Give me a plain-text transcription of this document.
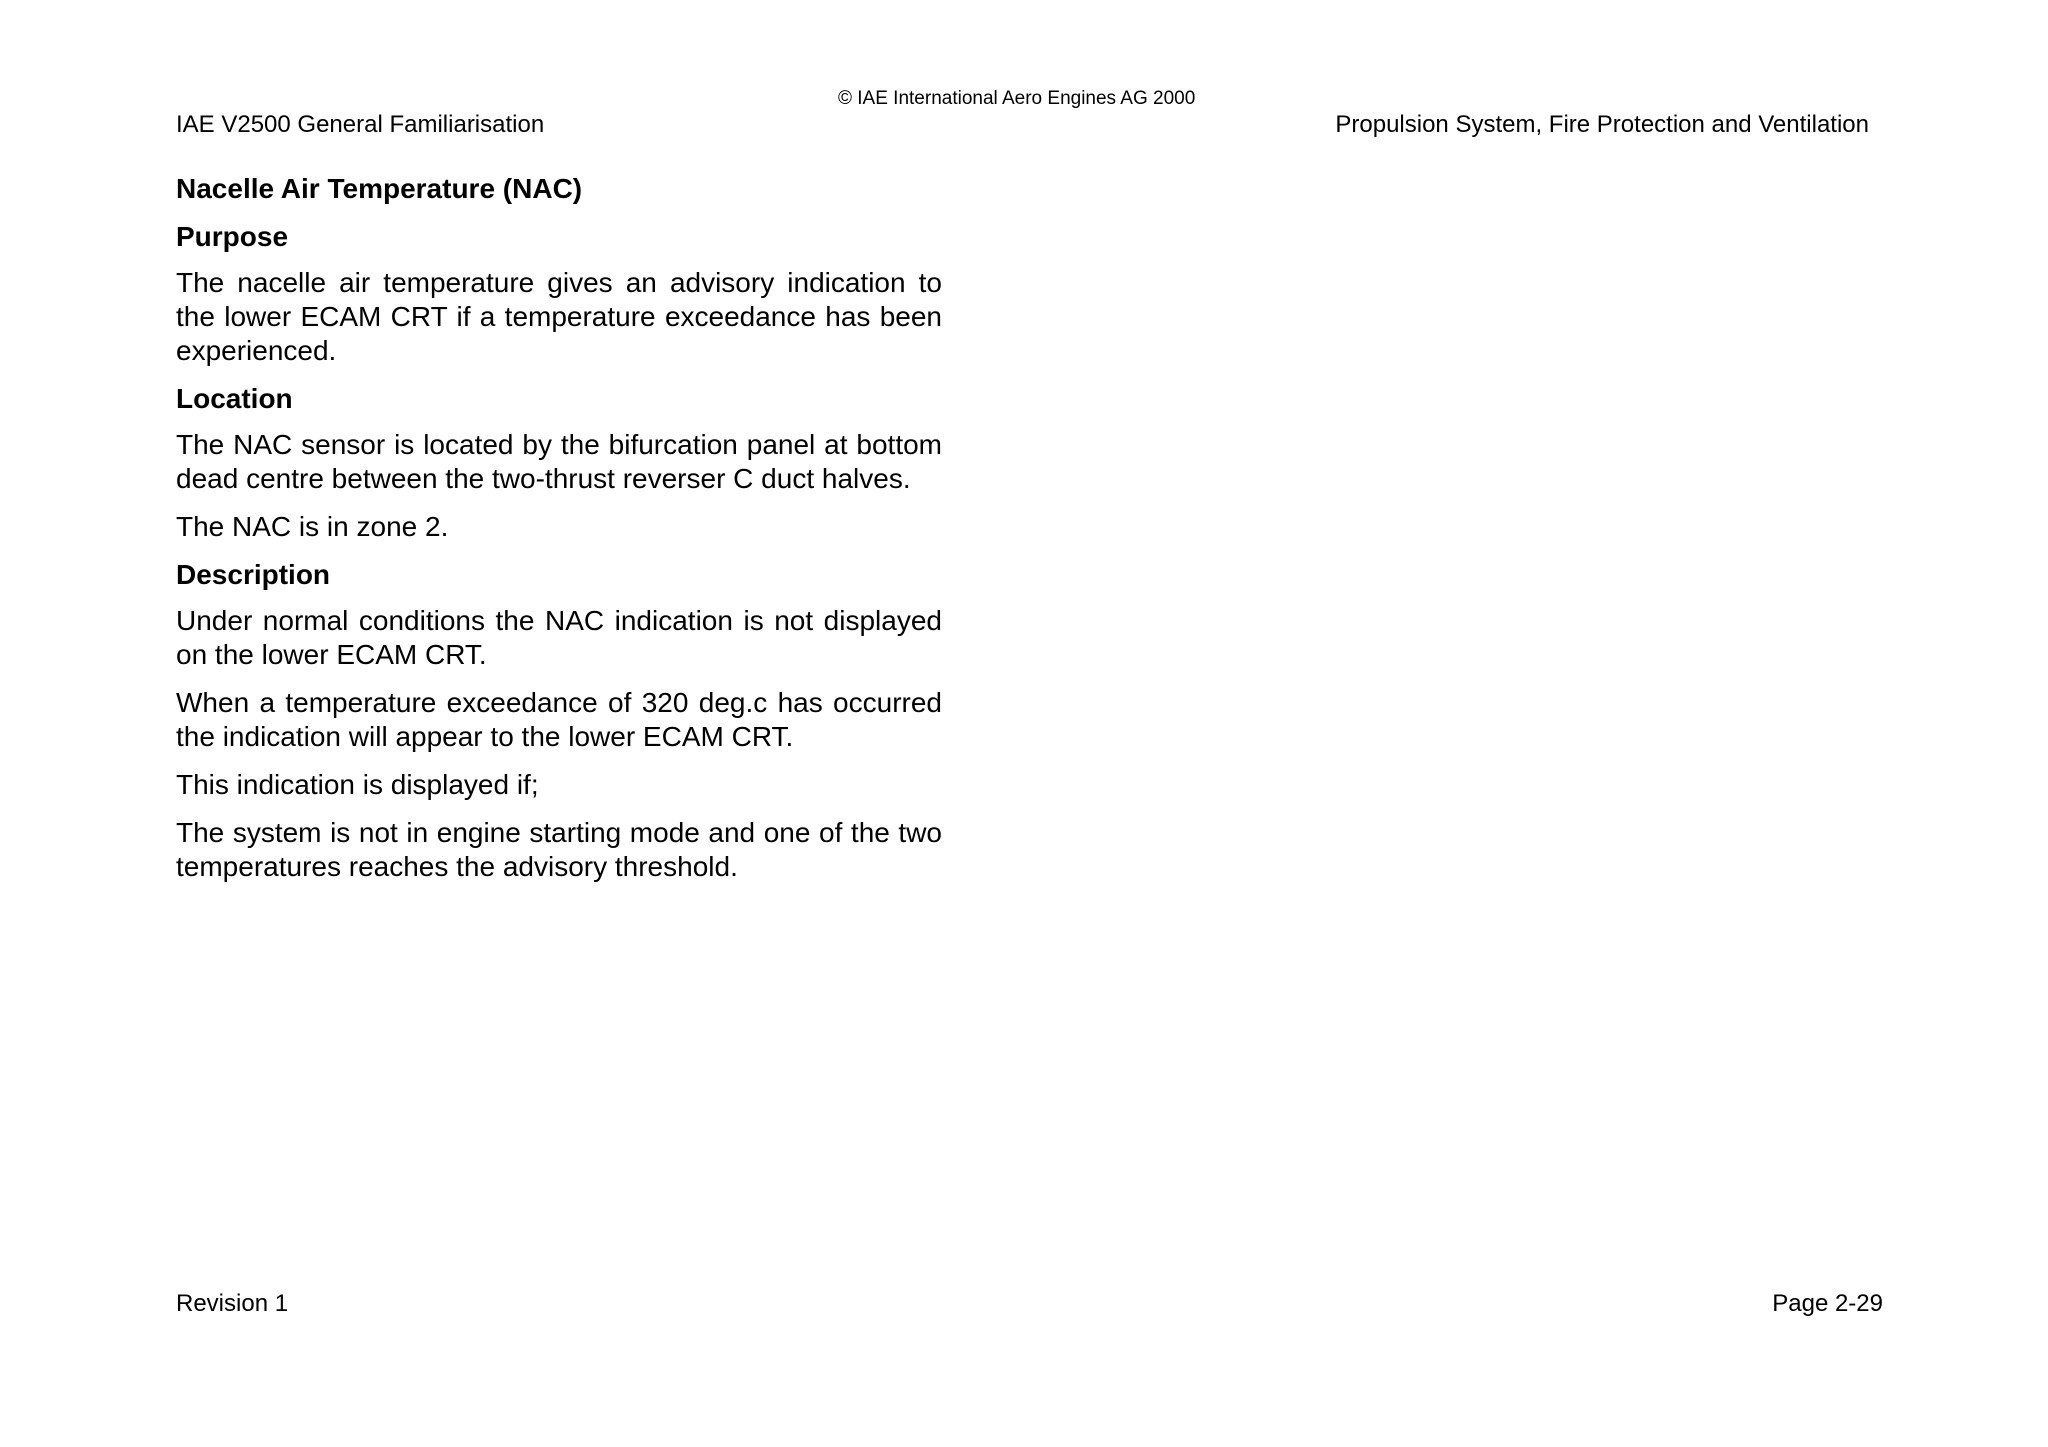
© IAE International Aero Engines AG 2000
IAE V2500 General Familiarisation	Propulsion System, Fire Protection and Ventilation
Nacelle Air Temperature (NAC)
Purpose

The nacelle air temperature gives an advisory indication to the lower ECAM CRT if a temperature exceedance has been experienced.

Location

The NAC sensor is located by the bifurcation panel at bottom dead centre between the two-thrust reverser C duct halves.

The NAC is in zone 2.

Description

Under normal conditions the NAC indication is not displayed on the lower ECAM CRT.

When a temperature exceedance of 320 deg.c has occurred the indication will appear to the lower ECAM CRT.

This indication is displayed if;

The system is not in engine starting mode and one of the two temperatures reaches the advisory threshold.

Revision 1	Page 2-29
